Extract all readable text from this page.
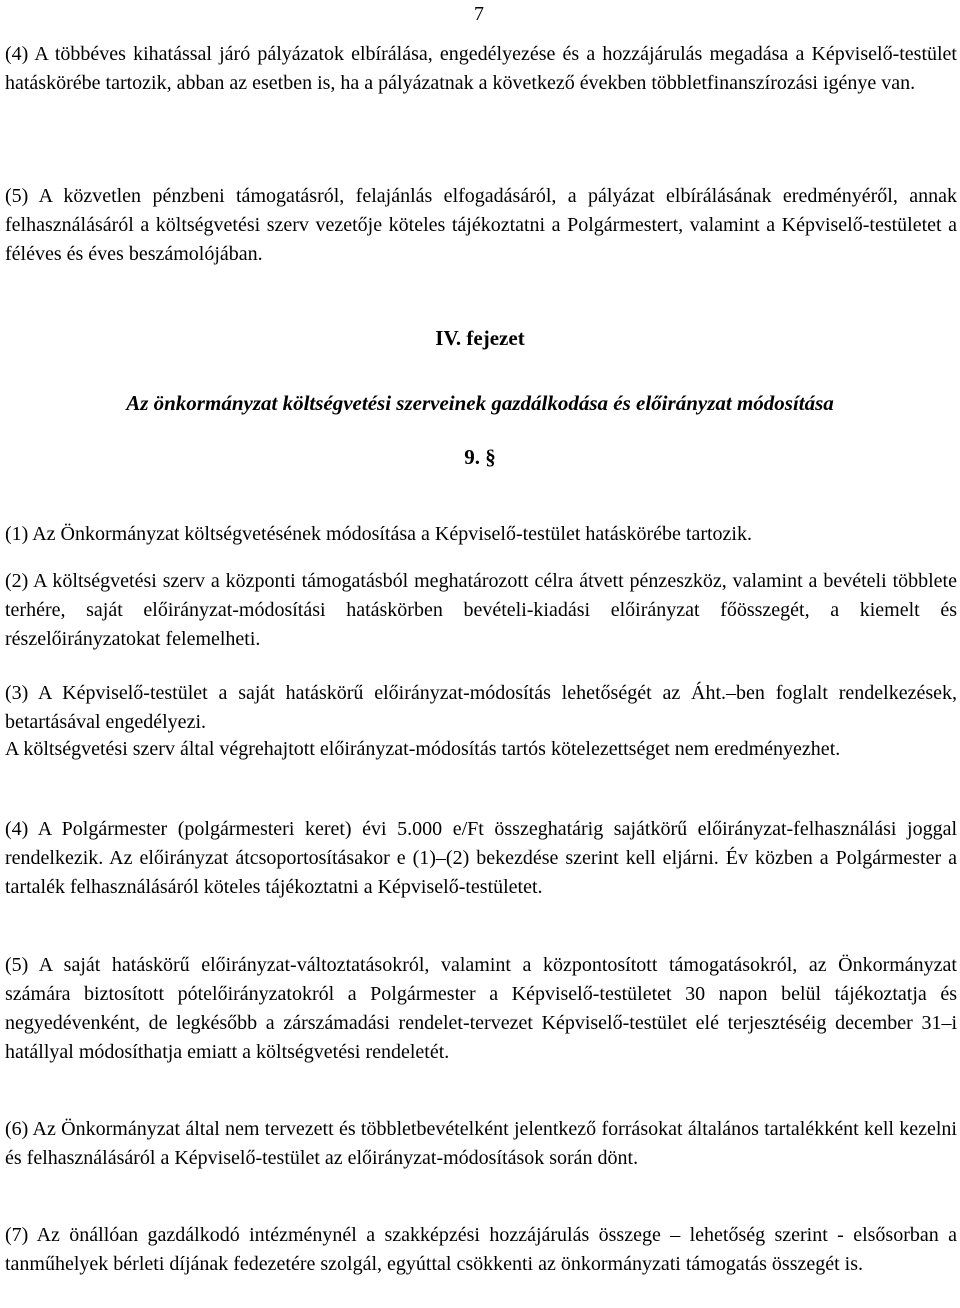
7

(4) A többéves kihatással járó pályázatok elbírálása, engedélyezése és a hozzájárulás megadása a Képviselő-testület hatáskörébe tartozik, abban az esetben is, ha a pályázatnak a következő években többletfinanszírozási igénye van.

(5) A közvetlen pénzbeni támogatásról, felajánlás elfogadásáról, a pályázat elbírálásának eredményéről, annak felhasználásáról a költségvetési szerv vezetője köteles tájékoztatni a Polgármestert, valamint a Képviselő-testületet a féléves és éves beszámolójában.

IV. fejezet
Az önkormányzat költségvetési szerveinek gazdálkodása és előirányzat módosítása
9. §

(1) Az Önkormányzat költségvetésének módosítása a Képviselő-testület hatáskörébe tartozik.

(2) A költségvetési szerv a központi támogatásból meghatározott célra átvett pénzeszköz, valamint a bevételi többlete terhére, saját előirányzat-módosítási hatáskörben bevételi-kiadási előirányzat főösszegét, a kiemelt és részelőirányzatokat felemelheti.

(3) A Képviselő-testület a saját hatáskörű előirányzat-módosítás lehetőségét az Áht.–ben foglalt rendelkezések, betartásával engedélyezi.

A költségvetési szerv által végrehajtott előirányzat-módosítás tartós kötelezettséget nem eredményezhet.

(4) A Polgármester (polgármesteri keret) évi 5.000 e/Ft összeghatárig sajátkörű előirányzat-felhasználási joggal rendelkezik. Az előirányzat átcsoportosításakor e (1)–(2) bekezdése szerint kell eljárni. Év közben a Polgármester a tartalék felhasználásáról köteles tájékoztatni a Képviselő-testületet.

(5) A saját hatáskörű előirányzat-változtatásokról, valamint a központosított támogatásokról, az Önkormányzat számára biztosított pótelőirányzatokról a Polgármester a Képviselő-testületet 30 napon belül tájékoztatja és negyedévenként, de legkésőbb a zárszámadási rendelet-tervezet Képviselő-testület elé terjesztéséig december 31–i hatállyal módosíthatja emiatt a költségvetési rendeletét.

(6) Az Önkormányzat által nem tervezett és többletbevételként jelentkező forrásokat általános tartalékként kell kezelni és felhasználásáról a Képviselő-testület az előirányzat-módosítások során dönt.

(7) Az önállóan gazdálkodó intézménynél a szakképzési hozzájárulás összege – lehetőség szerint - elsősorban a tanműhelyek bérleti díjának fedezetére szolgál, egyúttal csökkenti az önkormányzati támogatás összegét is.
